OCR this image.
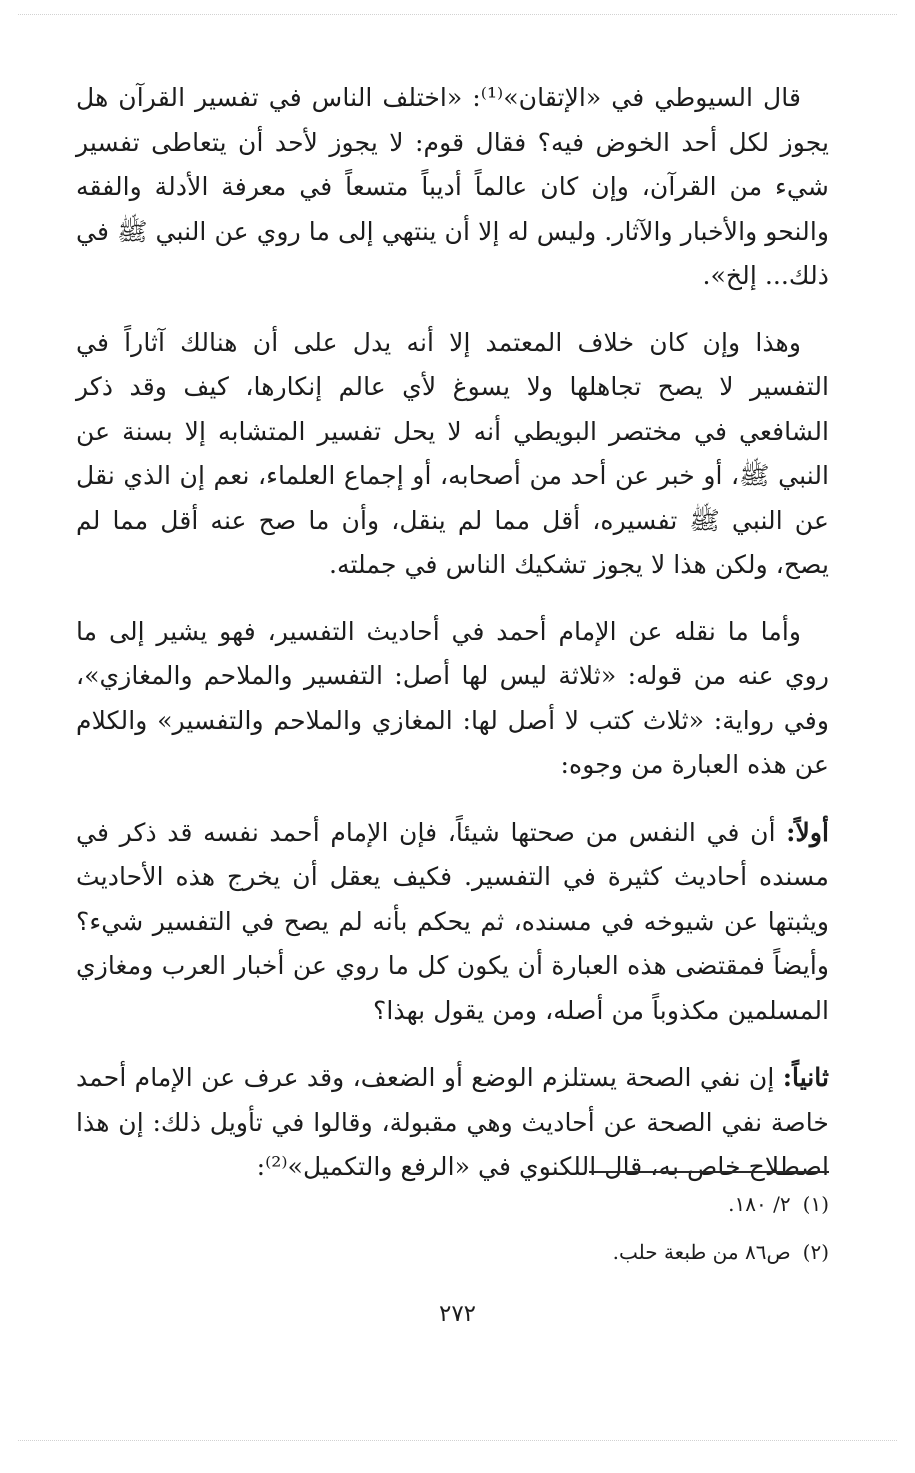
قال السيوطي في «الإتقان»⁽¹⁾: «اختلف الناس في تفسير القرآن هل يجوز لكل أحد الخوض فيه؟ فقال قوم: لا يجوز لأحد أن يتعاطى تفسير شيء من القرآن، وإن كان عالماً أديباً متسعاً في معرفة الأدلة والفقه والنحو والأخبار والآثار. وليس له إلا أن ينتهي إلى ما روي عن النبي ﷺ في ذلك... إلخ».

وهذا وإن كان خلاف المعتمد إلا أنه يدل على أن هنالك آثاراً في التفسير لا يصح تجاهلها ولا يسوغ لأي عالم إنكارها، كيف وقد ذكر الشافعي في مختصر البويطي أنه لا يحل تفسير المتشابه إلا بسنة عن النبي ﷺ، أو خبر عن أحد من أصحابه، أو إجماع العلماء، نعم إن الذي نقل عن النبي ﷺ تفسيره، أقل مما لم ينقل، وأن ما صح عنه أقل مما لم يصح، ولكن هذا لا يجوز تشكيك الناس في جملته.

وأما ما نقله عن الإمام أحمد في أحاديث التفسير، فهو يشير إلى ما روي عنه من قوله: «ثلاثة ليس لها أصل: التفسير والملاحم والمغازي»، وفي رواية: «ثلاث كتب لا أصل لها: المغازي والملاحم والتفسير» والكلام عن هذه العبارة من وجوه:

أولاً: أن في النفس من صحتها شيئاً، فإن الإمام أحمد نفسه قد ذكر في مسنده أحاديث كثيرة في التفسير. فكيف يعقل أن يخرج هذه الأحاديث ويثبتها عن شيوخه في مسنده، ثم يحكم بأنه لم يصح في التفسير شيء؟ وأيضاً فمقتضى هذه العبارة أن يكون كل ما روي عن أخبار العرب ومغازي المسلمين مكذوباً من أصله، ومن يقول بهذا؟

ثانياً: إن نفي الصحة يستلزم الوضع أو الضعف، وقد عرف عن الإمام أحمد خاصة نفي الصحة عن أحاديث وهي مقبولة، وقالوا في تأويل ذلك: إن هذا اصطلاح خاص به، قال اللكنوي في «الرفع والتكميل»⁽²⁾:

(١)٢/ ١٨٠.
(٢)ص٨٦ من طبعة حلب.
٢٧٢
